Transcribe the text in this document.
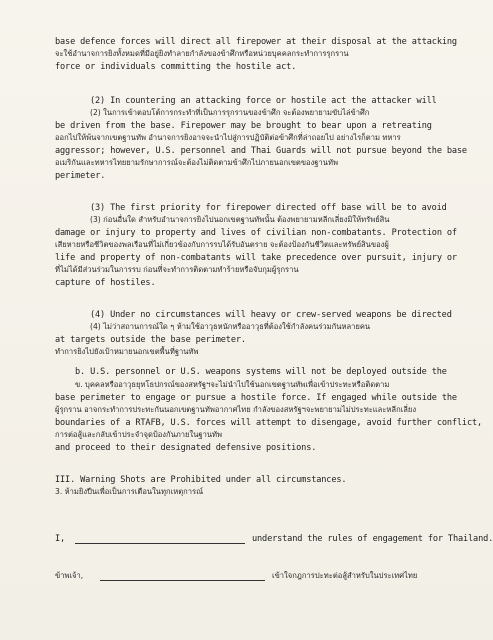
base defence forces will direct all firepower at their disposal at the attacking
จะใช้อำนาจการยิงทั้งหมดที่มีอยู่ยิงทำลายกำลังของข้าศึกหรือหน่วยบุคคลกระทำการรุกราน
force or individuals committing the hostile act.
(2) In countering an attacking force or hostile act the attacker will
(2) ในการเข้าตอบโต้การกระทำที่เป็นการรุกรานของข้าศึก จะต้องพยายามขับไล่ข้าศึก
be driven from the base. Firepower may be brought to bear upon a retreating
ออกไปให้พ้นจากเขตฐานทัพ อำนาจการยิงอาจจะนำไปสู่การปฏิบัติต่อข้าศึกที่ล่าถอยไป อย่างไรก็ตาม ทหาร
aggressor; however, U.S. personnel and Thai Guards will not pursue beyond the base
อเมริกันและทหารไทยยามรักษาการณ์จะต้องไม่ติดตามข้าศึกไปภายนอกเขตของฐานทัพ
perimeter.
(3) The first priority for firepower directed off base will be to avoid
(3) ก่อนอื่นใด สำหรับอำนาจการยิงไปนอกเขตฐานทัพนั้น ต้องพยายามหลีกเลี่ยงมิให้ทรัพย์สิน
damage or injury to property and lives of civilian non-combatants. Protection of
เสียหายหรือชีวิตของพลเรือนที่ไม่เกี่ยวข้องกับการรบได้รับอันตราย จะต้องป้องกันชีวิตและทรัพย์สินของผู้
life and property of non-combatants will take precedence over pursuit, injury or
ที่ไม่ได้มีส่วนร่วมในการรบ ก่อนที่จะทำการติดตามทำร้ายหรือจับกุมผู้รุกราน
capture of hostiles.
(4) Under no circumstances will heavy or crew-served weapons be directed
(4) ไม่ว่าสถานการณ์ใด ๆ ห้ามใช้อาวุธหนักหรืออาวุธที่ต้องใช้กำลังคนร่วมกันหลายคน
at targets outside the base perimeter.
ทำการยิงไปยังเป้าหมายนอกเขตพื้นที่ฐานทัพ
b. U.S. personnel or U.S. weapons systems will not be deployed outside the
ข. บุคคลหรืออาวุธยุทโธปกรณ์ของสหรัฐฯจะไม่นำไปใช้นอกเขตฐานทัพเพื่อเข้าประทะหรือติดตาม
base perimeter to engage or pursue a hostile force. If engaged while outside the
ผู้รุกราน อาจกระทำการประทะกันนอกเขตฐานทัพอากาศไทย กำลังของสหรัฐฯจะพยายามไม่ประทะและหลีกเลี่ยง
boundaries of a RTAFB, U.S. forces will attempt to disengage, avoid further conflict,
การต่อสู้และกลับเข้าประจำจุดป้องกันภายในฐานทัพ
and proceed to their designated defensive positions.
III. Warning Shots are Prohibited under all circumstances.
3. ห้ามยิงปืนเพื่อเป็นการเตือนในทุกเหตุการณ์
I,	understand the rules of engagement for Thailand.
ข้าพเจ้า,	เข้าใจกฎการปะทะต่อสู้สำหรับในประเทศไทย
